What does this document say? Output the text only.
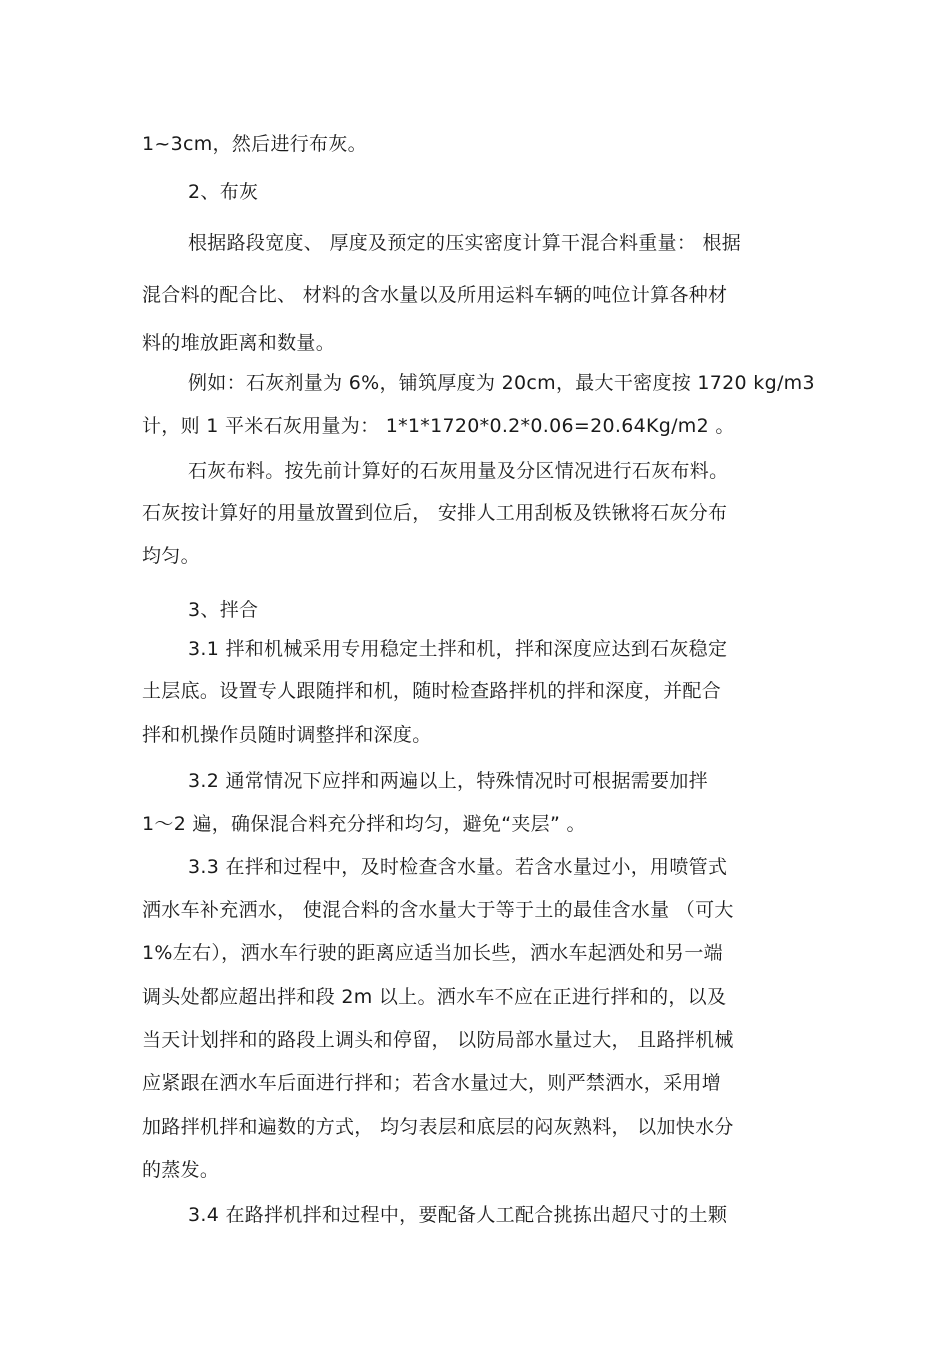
1~3cm，然后进行布灰。
2、布灰
根据路段宽度、 厚度及预定的压实密度计算干混合料重量： 根据
混合料的配合比、 材料的含水量以及所用运料车辆的吨位计算各种材
料的堆放距离和数量。
例如：石灰剂量为 6%，铺筑厚度为 20cm，最大干密度按 1720 kg/m3
计，则 1 平米石灰用量为： 1*1*1720*0.2*0.06=20.64Kg/m2 。
石灰布料。按先前计算好的石灰用量及分区情况进行石灰布料。
石灰按计算好的用量放置到位后， 安排人工用刮板及铁锹将石灰分布
均匀。
3、拌合
3.1 拌和机械采用专用稳定土拌和机，拌和深度应达到石灰稳定
土层底。设置专人跟随拌和机，随时检查路拌机的拌和深度，并配合
拌和机操作员随时调整拌和深度。
3.2 通常情况下应拌和两遍以上，特殊情况时可根据需要加拌
1～2 遍，确保混合料充分拌和均匀，避免“夹层” 。
3.3 在拌和过程中，及时检查含水量。若含水量过小，用喷管式
洒水车补充洒水， 使混合料的含水量大于等于土的最佳含水量 （可大
1%左右），洒水车行驶的距离应适当加长些，洒水车起洒处和另一端
调头处都应超出拌和段 2m 以上。洒水车不应在正进行拌和的，以及
当天计划拌和的路段上调头和停留， 以防局部水量过大， 且路拌机械
应紧跟在洒水车后面进行拌和；若含水量过大，则严禁洒水，采用增
加路拌机拌和遍数的方式， 均匀表层和底层的闷灰熟料， 以加快水分
的蒸发。
3.4 在路拌机拌和过程中，要配备人工配合挑拣出超尺寸的土颗
